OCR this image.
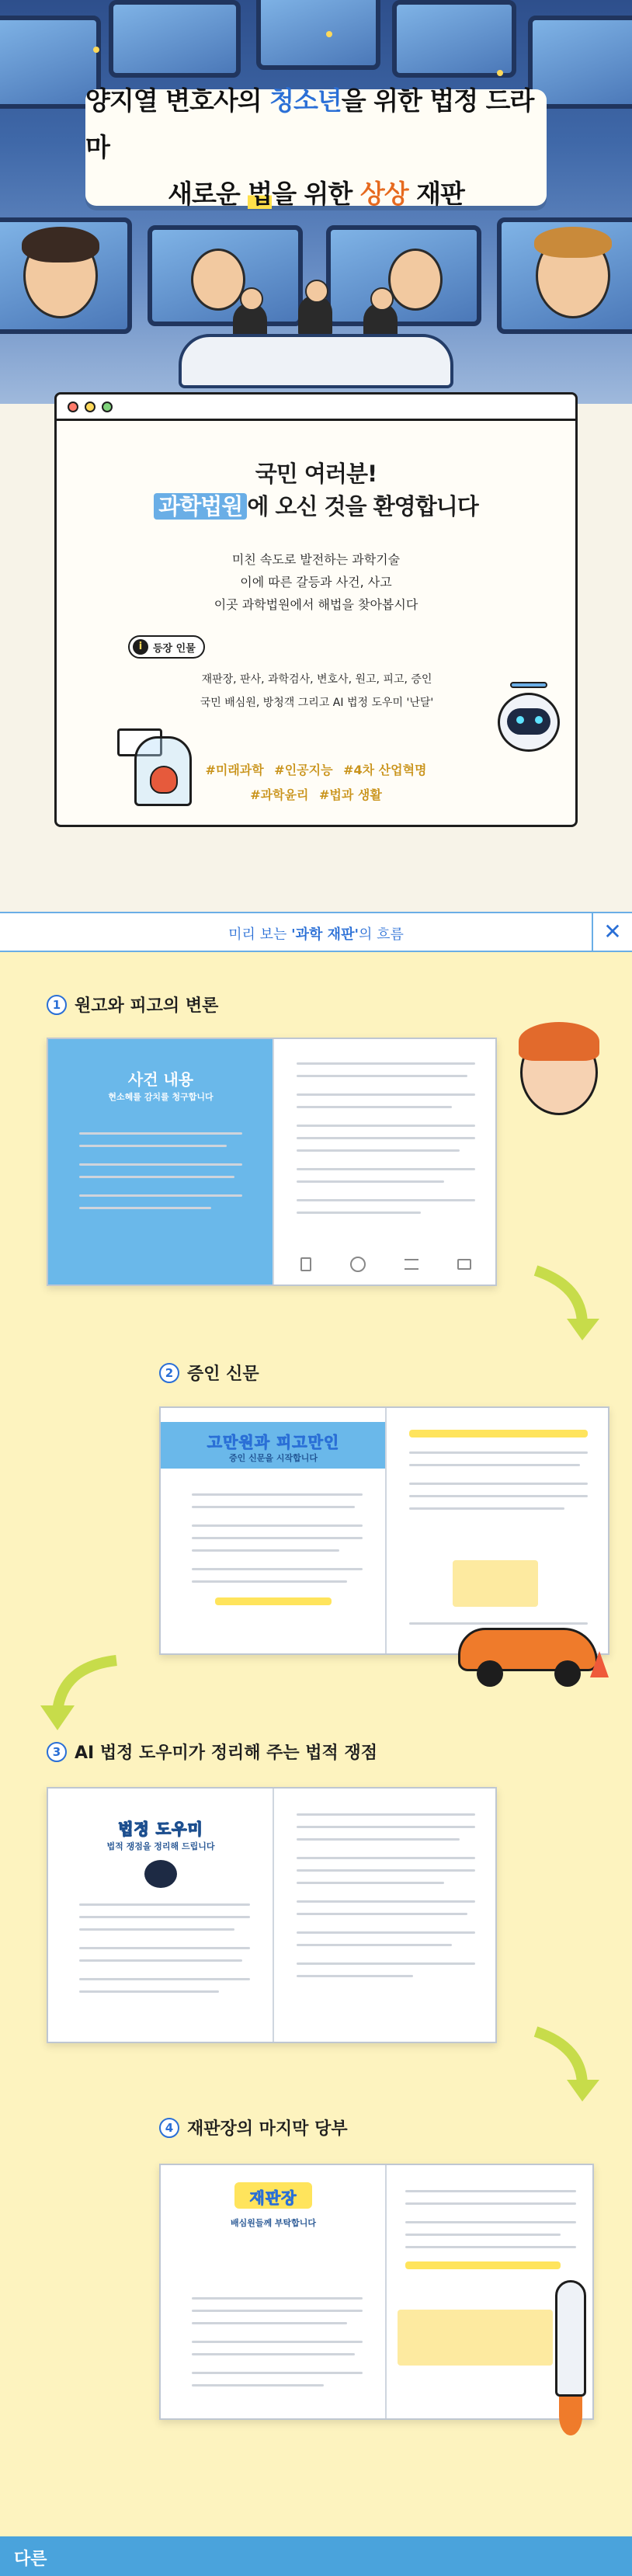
양지열 변호사의 청소년을 위한 법정 드라마
새로운 법을 위한 상상 재판
국민 여러분!
과학법원 에 오신 것을 환영합니다
미친 속도로 발전하는 과학기술
이에 따른 갈등과 사건, 사고
이곳 과학법원에서 해법을 찾아봅시다
i	등장 인물
재판장, 판사, 과학검사, 변호사, 원고, 피고, 증인
국민 배심원, 방청객 그리고 AI 법정 도우미 '난달'
#미래과학 #인공지능 #4차 산업혁명
#과학윤리 #법과 생활
미리 보는 '과학 재판'의 흐름	✕
1 원고와 피고의 변론
사건 내용
현소혜를 감치를 청구합니다
2 증인 신문
고만원과 피고만인
증인 신문을 시작합니다
3 AI 법정 도우미가 정리해 주는 법적 쟁점
법정 도우미
법적 쟁점을 정리해 드립니다
4 재판장의 마지막 당부
재판장
배심원들께 부탁합니다
다른
